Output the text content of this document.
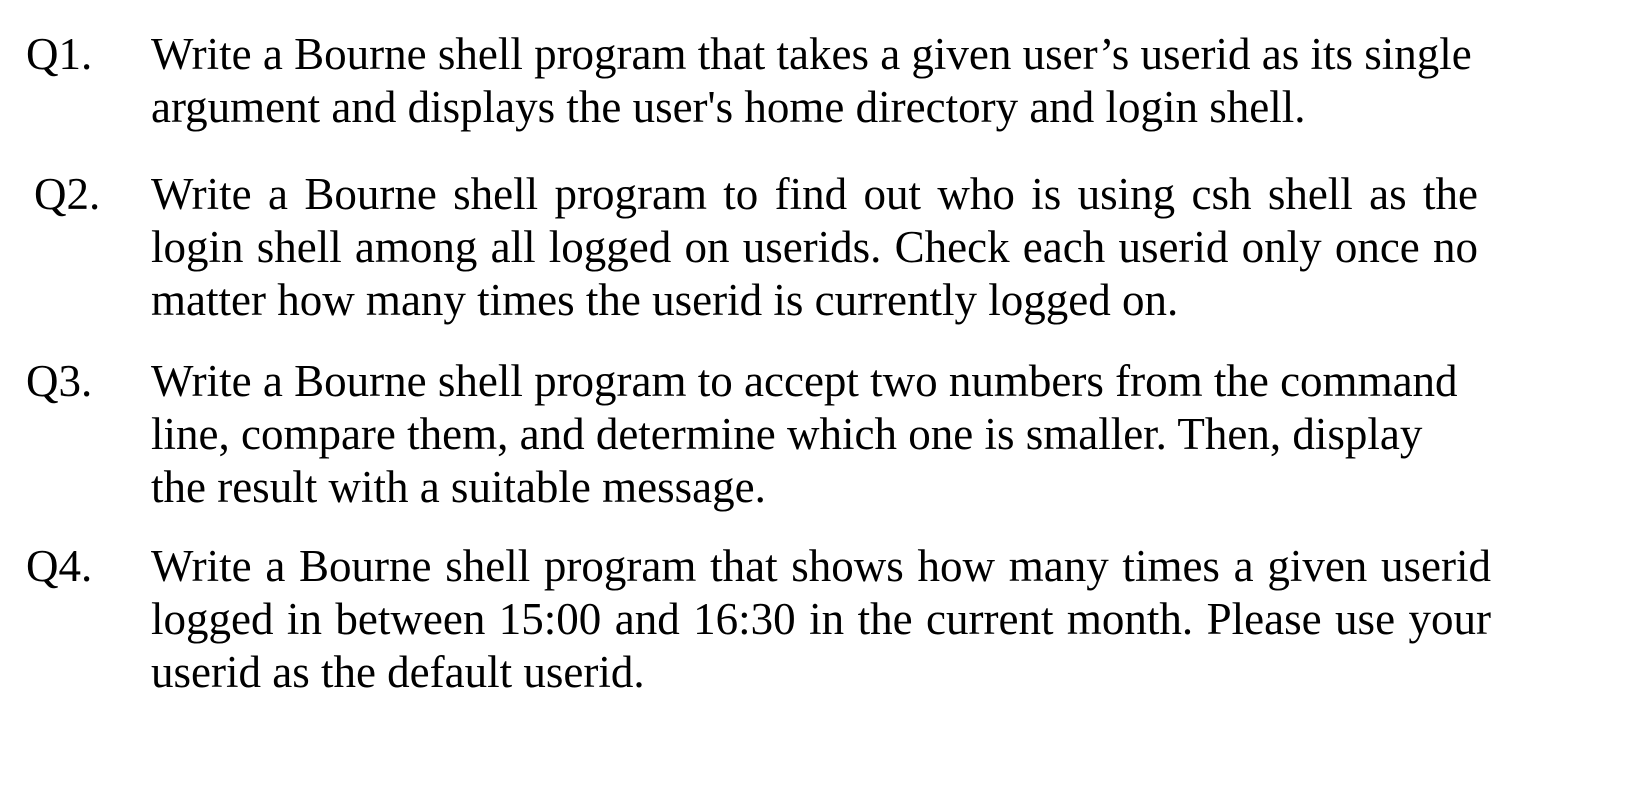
Q1. Write a Bourne shell program that takes a given user’s userid as its single
argument and displays the user's home directory and login shell.
Q2. Write a Bourne shell program to find out who is using csh shell as the
login shell among all logged on userids. Check each userid only once no
matter how many times the userid is currently logged on.
Q3. Write a Bourne shell program to accept two numbers from the command
line, compare them, and determine which one is smaller. Then, display
the result with a suitable message.
Q4. Write a Bourne shell program that shows how many times a given userid
logged in between 15:00 and 16:30 in the current month. Please use your
userid as the default userid.
